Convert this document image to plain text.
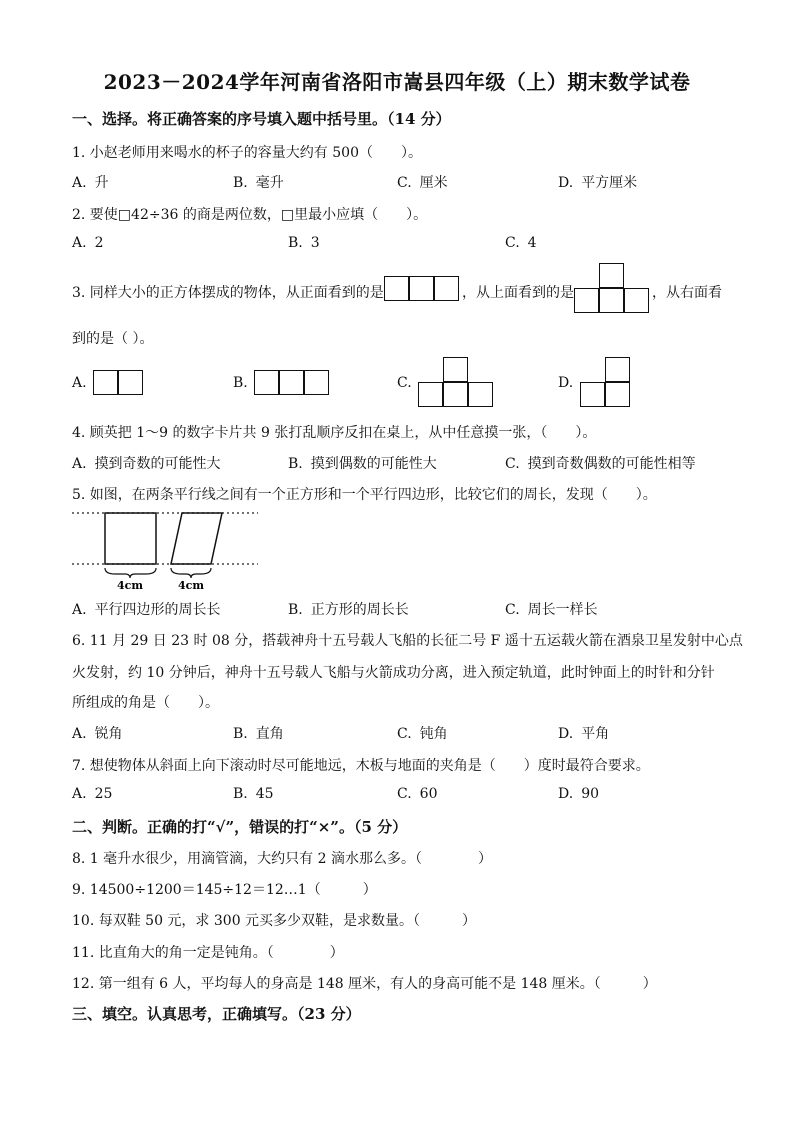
2023－2024学年河南省洛阳市嵩县四年级（上）期末数学试卷
一、选择。将正确答案的序号填入题中括号里。（14 分）
1. 小赵老师用来喝水的杯子的容量大约有 500（　　）。
A. 升	B. 毫升	C. 厘米	D. 平方厘米
2. 要使□42÷36 的商是两位数，□里最小应填（　　）。
A. 2	B. 3	C. 4
3. 同样大小的正方体摆成的物体，从正面看到的是	，从上面看到的是	，从右面看
到的是（ ）。
A.	B.	C.	D.
4. 顾英把 1～9 的数字卡片共 9 张打乱顺序反扣在桌上，从中任意摸一张，（　　）。
A. 摸到奇数的可能性大	B. 摸到偶数的可能性大	C. 摸到奇数偶数的可能性相等
5. 如图，在两条平行线之间有一个正方形和一个平行四边形，比较它们的周长，发现（　　）。
4cm	4cm
A. 平行四边形的周长长	B. 正方形的周长长	C. 周长一样长
6. 11 月 29 日 23 时 08 分，搭载神舟十五号载人飞船的长征二号 F 遥十五运载火箭在酒泉卫星发射中心点
火发射，约 10 分钟后，神舟十五号载人飞船与火箭成功分离，进入预定轨道，此时钟面上的时针和分针
所组成的角是（　　）。
A. 锐角	B. 直角	C. 钝角	D. 平角
7. 想使物体从斜面上向下滚动时尽可能地远，木板与地面的夹角是（　　）度时最符合要求。
A. 25	B. 45	C. 60	D. 90
二、判断。正确的打“√”，错误的打“×”。（5 分）
8. 1 毫升水很少，用滴管滴，大约只有 2 滴水那么多。（　　　　）
9. 14500÷1200＝145÷12＝12…1（　　　）
10. 每双鞋 50 元，求 300 元买多少双鞋，是求数量。（　　　）
11. 比直角大的角一定是钝角。（　　　　）
12. 第一组有 6 人，平均每人的身高是 148 厘米，有人的身高可能不是 148 厘米。（　　　）
三、填空。认真思考，正确填写。（23 分）
